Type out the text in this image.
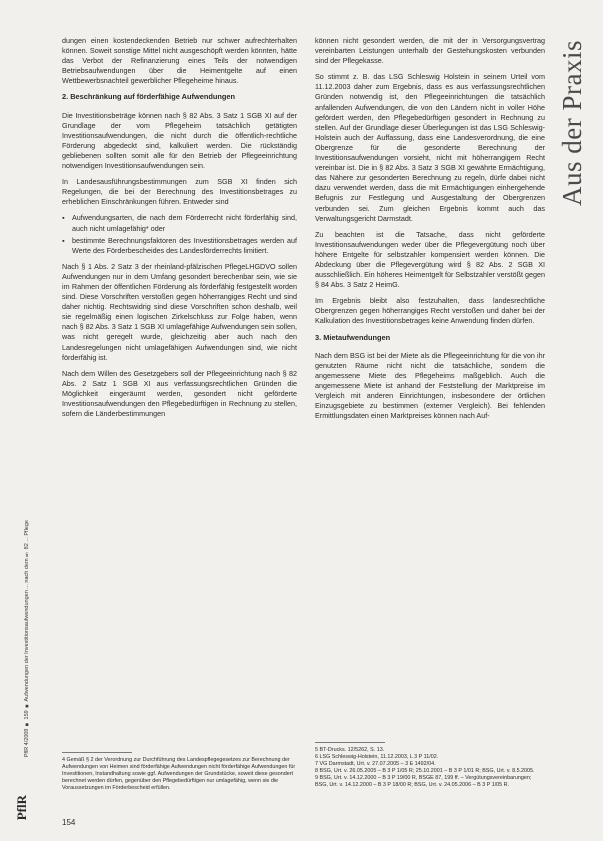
Aus der Praxis
PflR 4/2009 ■ 159 ■ Aufwendungen der Investitionsaufwendungen ... nach dem § 82 ... Pflege
PflR

dungen einen kostendeckenden Betrieb nur schwer aufrechterhalten können. Soweit sonstige Mittel nicht ausgeschöpft werden könnten, hätte das Verbot der Refinanzierung eines Teils der notwendigen Betriebsaufwendungen über die Heimentgelte auf einen Wettbewerbsnachteil gewerblicher Pflegeheime hinaus.

2. Beschränkung auf förderfähige Aufwendungen

Die Investitionsbeträge können nach § 82 Abs. 3 Satz 1 SGB XI auf der Grundlage der vom Pflegeheim tatsächlich getätigten Investitionsaufwendungen, die nicht durch die öffentlich-rechtliche Förderung abgedeckt sind, kalkuliert werden. Die rückständig gebliebenen sollten somit alle für den Betrieb der Pflegeeinrichtung notwendigen Investitionsaufwendungen sein.

In Landesausführungsbestimmungen zum SGB XI finden sich Regelungen, die bei der Berechnung des Investitionsbetrages zu erheblichen Einschränkungen führen. Entweder sind

▪ Aufwendungsarten, die nach dem Förderrecht nicht förderfähig sind, auch nicht umlagefähig* oder
▪ bestimmte Berechnungsfaktoren des Investitionsbetrages werden auf Werte des Förderbescheides des Landesförderrechts limitiert.

Nach § 1 Abs. 2 Satz 3 der rheinland-pfälzischen PflegeLHGDVO sollen Aufwendungen nur in dem Umfang gesondert berechenbar sein, wie sie im Rahmen der öffentlichen Förderung als förderfähig festgestellt worden sind. Diese Vorschriften verstoßen gegen höherrangiges Recht und sind daher nichtig. Rechtswidrig sind diese Vorschriften schon deshalb, weil sie regelmäßig einen logischen Zirkelschluss zur Folge haben, wenn nach § 82 Abs. 3 Satz 1 SGB XI umlagefähige Aufwendungen sein sollen, was nicht geregelt wurde, gleichzeitig aber auch nach den Landesregelungen nicht umlagefähigen Aufwendungen sind, wie nicht förderfähig ist.

Nach dem Willen des Gesetzgebers soll der Pflegeeinrichtung nach § 82 Abs. 2 Satz 1 SGB XI aus verfassungsrechtlichen Gründen die Möglichkeit eingeräumt werden, gesondert nicht geförderte Investitionsaufwendungen den Pflegebedürftigen in Rechnung zu stellen, sofern die Länderbestimmungen

4 Gemäß § 2 der Verordnung zur Durchführung des Landespflegegesetzes zur Berechnung der Aufwendungen von Heimen sind förderfähige Aufwendungen nicht förderfähige Aufwendungen für Investitionen, Instandhaltung sowie ggf. Aufwendungen der Grundstücke, soweit diese gesondert berechnet werden dürfen, gegenüber den Pflegebedürftigen nur umlagefähig, wenn sie die Voraussetzungen im Förderbescheid erfüllen.

können nicht gesondert werden, die mit der in Versorgungsvertrag vereinbarten Leistungen unterhalb der Gestehungskosten verbunden sind der Pflegekasse.

So stimmt z. B. das LSG Schleswig Holstein in seinem Urteil vom 11.12.2003 daher zum Ergebnis, dass es aus verfassungsrechtlichen Gründen notwendig ist, den Pflegeeinrichtungen die tatsächlich anfallenden Aufwendungen, die von den Ländern nicht in voller Höhe gefördert werden, den Pflegebedürftigen gesondert in Rechnung zu stellen. Auf der Grundlage dieser Überlegungen ist das LSG Schleswig-Holstein auch der Auffassung, dass eine Landesverordnung, die eine Obergrenze für die gesonderte Berechnung der Investitionsaufwendungen vorsieht, nicht mit höherrangigem Recht vereinbar ist. Die in § 82 Abs. 3 Satz 3 SGB XI gewährte Ermächtigung, das Nähere zur gesonderten Berechnung zu regeln, dürfe dabei nicht dazu verwendet werden, dass die mit Ermächtigungen einhergehende Befugnis zur Festlegung und Ausgestaltung der Obergrenzen verbunden sei. Zum gleichen Ergebnis kommt auch das Verwaltungsgericht Darmstadt.

Zu beachten ist die Tatsache, dass nicht geförderte Investitionsaufwendungen weder über die Pflegevergütung noch über höhere Entgelte für selbstzahler kompensiert werden können. Die Abdeckung über die Pflegevergütung wird § 82 Abs. 2 SGB XI ausschließlich. Ein höheres Heimentgelt für Selbstzahler verstößt gegen § 84 Abs. 3 Satz 2 HeimG.

Im Ergebnis bleibt also festzuhalten, dass landesrechtliche Obergrenzen gegen höherrangiges Recht verstoßen und daher bei der Kalkulation des Investitionsbetrages keine Anwendung finden dürfen.

3. Mietaufwendungen

Nach dem BSG ist bei der Miete als die Pflegeeinrichtung für die von ihr genutzten Räume nicht nicht die tatsächliche, sondern die angemessene Miete des Pflegeheims maßgeblich. Auch die angemessene Miete ist anhand der Feststellung der Marktpreise im Vergleich mit anderen Einrichtungen, insbesondere der örtlichen Einzugsgebiete zu bestimmen (externer Vergleich). Bei fehlenden Ermittlungsdaten einen Marktpreises können nach Auf-

5 BT-Drucks. 12/5262, S. 13.

6 LSG Schleswig-Holstein, 11.12.2003, L 3 P 11/02.

7 VG Darmstadt, Urt. v. 27.07.2005 – 3 E 1492/04.

8 BSG, Urt. v. 26.05.2005 – B 3 P 1/05 R; 25.10.2001 – B 3 P 1/01 R; BSG, Urt. v. 8.5.2005.

9 BSG, Urt. v. 14.12.2000 – B 3 P 19/00 R, BSGE 87, 199 ff. – Vergütungsvereinbarungen; BSG, Urt. v. 14.12.2000 – B 3 P 18/00 R; BSG, Urt. v. 24.05.2006 – B 3 P 1/05 R.

154
